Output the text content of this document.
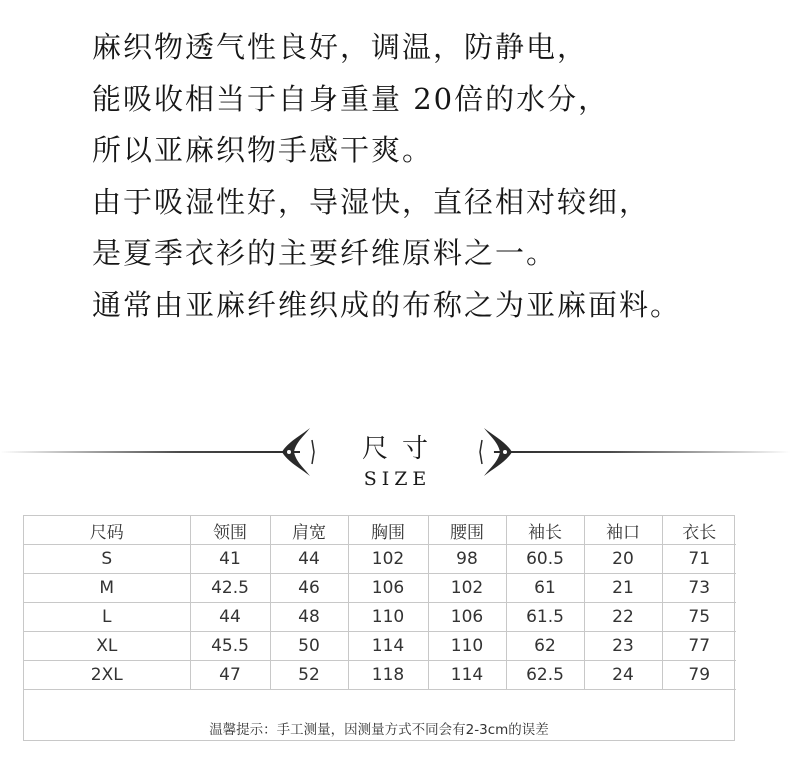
麻织物透气性良好，调温，防静电，
能吸收相当于自身重量 20倍的水分，
所以亚麻织物手感干爽。
由于吸湿性好，导湿快，直径相对较细，
是夏季衣衫的主要纤维原料之一。
通常由亚麻纤维织成的布称之为亚麻面料。
尺寸
SIZE
尺码	领围	肩宽	胸围	腰围	袖长	袖口	衣长
S	41	44	102	98	60.5	20	71
M	42.5	46	106	102	61	21	73
L	44	48	110	106	61.5	22	75
XL	45.5	50	114	110	62	23	77
2XL	47	52	118	114	62.5	24	79
温馨提示：手工测量，因测量方式不同会有2-3cm的误差
